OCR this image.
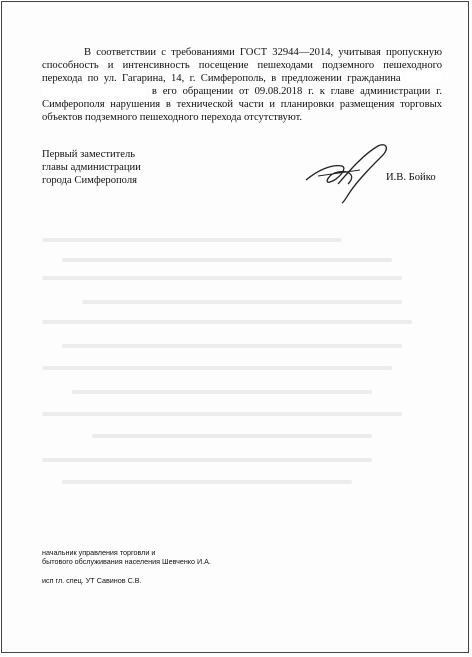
В соответствии с требованиями ГОСТ 32944—2014, учитывая пропускную способность и интенсивность посещение пешеходами подземного пешеходного перехода по ул. Гагарина, 14, г. Симферополь, в предложении гражданина   в его обращении от 09.08.2018 г. к главе администрации г. Симферополя нарушения в технической части и планировки размещения торговых объектов подземного пешеходного перехода отсутствуют.

Первый заместитель
главы администрации
города Симферополя	И.В. Бойко
начальник управления торговли и
бытового обслуживания населения Шевченко И.А.
исп гл. спец. УТ Савинов С.В.
